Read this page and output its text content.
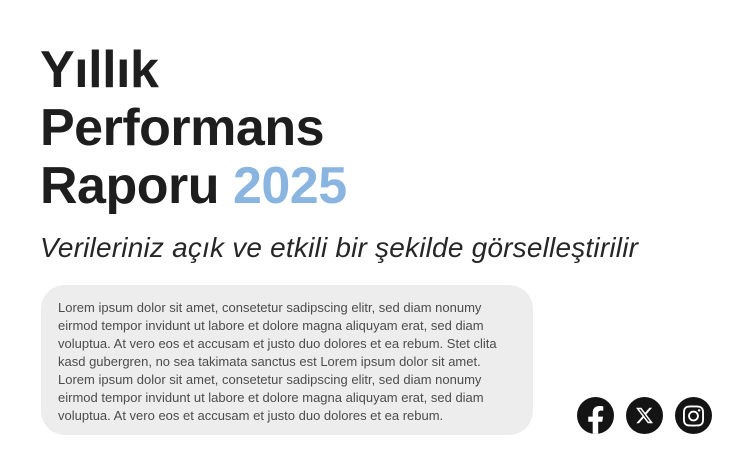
Yıllık
Performans
Raporu 2025

Verileriniz açık ve etkili bir şekilde görselleştirilir

Lorem ipsum dolor sit amet, consetetur sadipscing elitr, sed diam nonumy eirmod tempor invidunt ut labore et dolore magna aliquyam erat, sed diam voluptua. At vero eos et accusam et justo duo dolores et ea rebum. Stet clita kasd gubergren, no sea takimata sanctus est Lorem ipsum dolor sit amet. Lorem ipsum dolor sit amet, consetetur sadipscing elitr, sed diam nonumy eirmod tempor invidunt ut labore et dolore magna aliquyam erat, sed diam voluptua. At vero eos et accusam et justo duo dolores et ea rebum.
